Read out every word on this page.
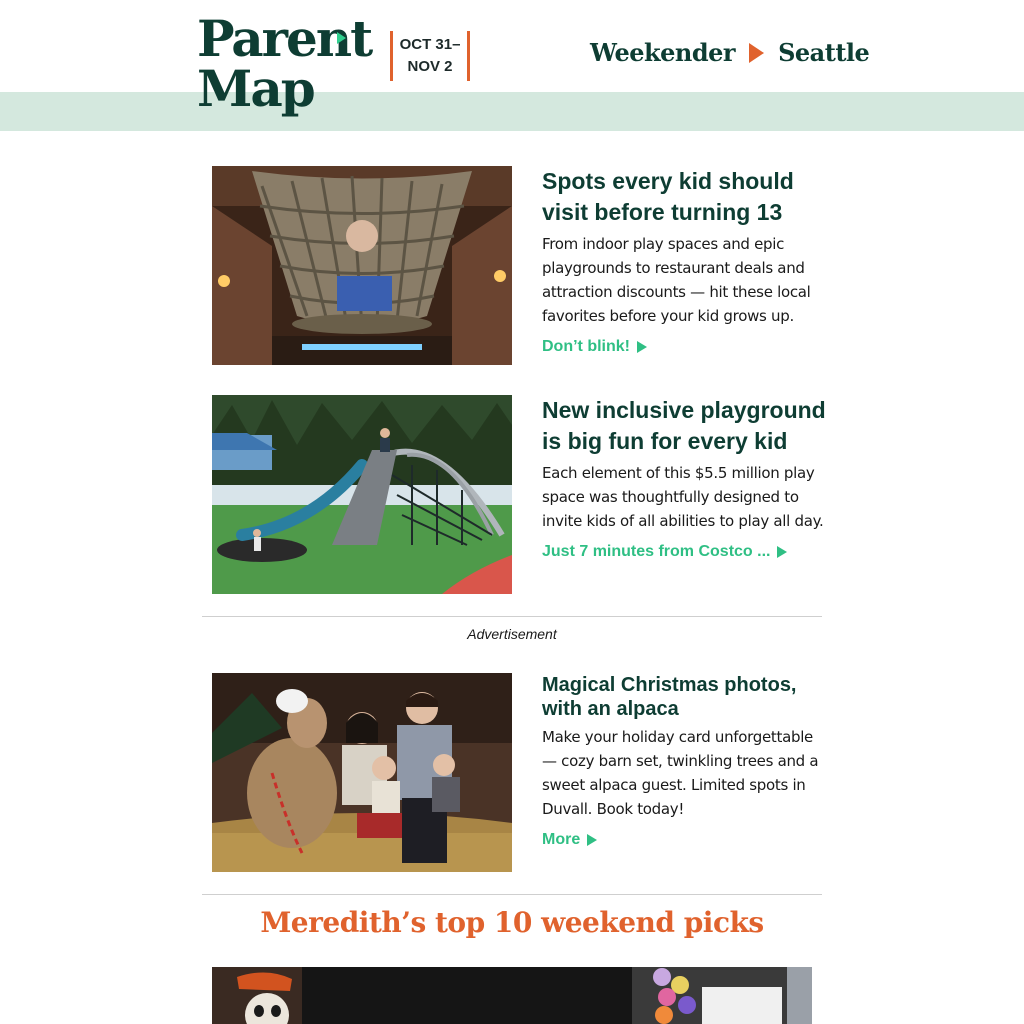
Parent
Map
OCT 31–
NOV 2	Weekender Seattle
Spots every kid should visit before turning 13

From indoor play spaces and epic playgrounds to restaurant deals and attraction discounts — hit these local favorites before your kid grows up.

Don’t blink!
New inclusive playground is big fun for every kid

Each element of this $5.5 million play space was thoughtfully designed to invite kids of all abilities to play all day.

Just 7 minutes from Costco ...
Advertisement
Magical Christmas photos, with an alpaca

Make your holiday card unforgettable — cozy barn set, twinkling trees and a sweet alpaca guest. Limited spots in Duvall. Book today!

More
Meredith’s top 10 weekend picks
